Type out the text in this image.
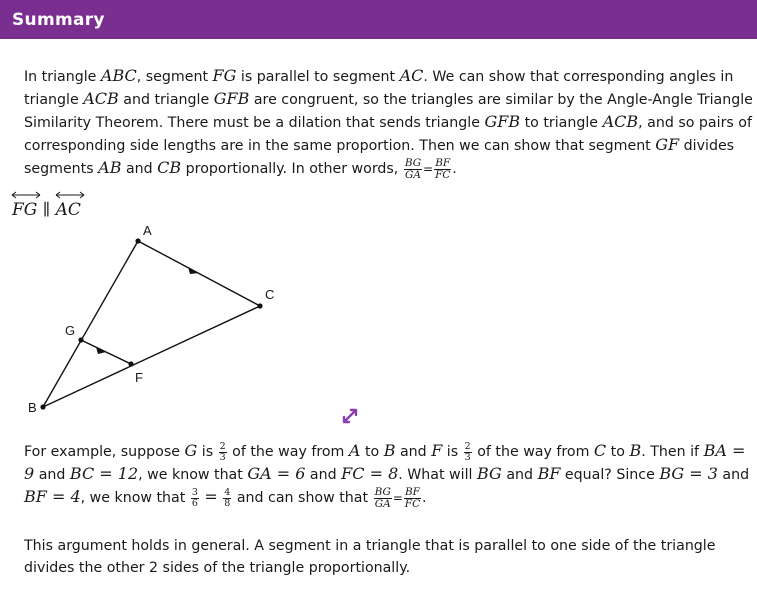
Summary

In triangle ABC, segment FG is parallel to segment AC. We can show that corresponding angles in triangle ACB and triangle GFB are congruent, so the triangles are similar by the Angle-Angle Triangle Similarity Theorem. There must be a dilation that sends triangle GFB to triangle ACB, and so pairs of corresponding side lengths are in the same proportion. Then we can show that segment GF divides segments AB and CB proportionally. In other words, $\frac{BG}{GA} = \frac{BF}{FC}$ .

FG ∥ AC
A
C
G
F
B

For example, suppose G is $\frac{2}{3}$ of the way from A to B and F is $\frac{2}{3}$ of the way from C to B. Then if BA = 9 and BC = 12, we know that GA = 6 and FC = 8. What will BG and BF equal? Since BG = 3 and BF = 4, we know that $\frac{3}{6} = \frac{4}{8}$ and can show that $\frac{BG}{GA} = \frac{BF}{FC}$ .

This argument holds in general. A segment in a triangle that is parallel to one side of the triangle divides the other 2 sides of the triangle proportionally.
